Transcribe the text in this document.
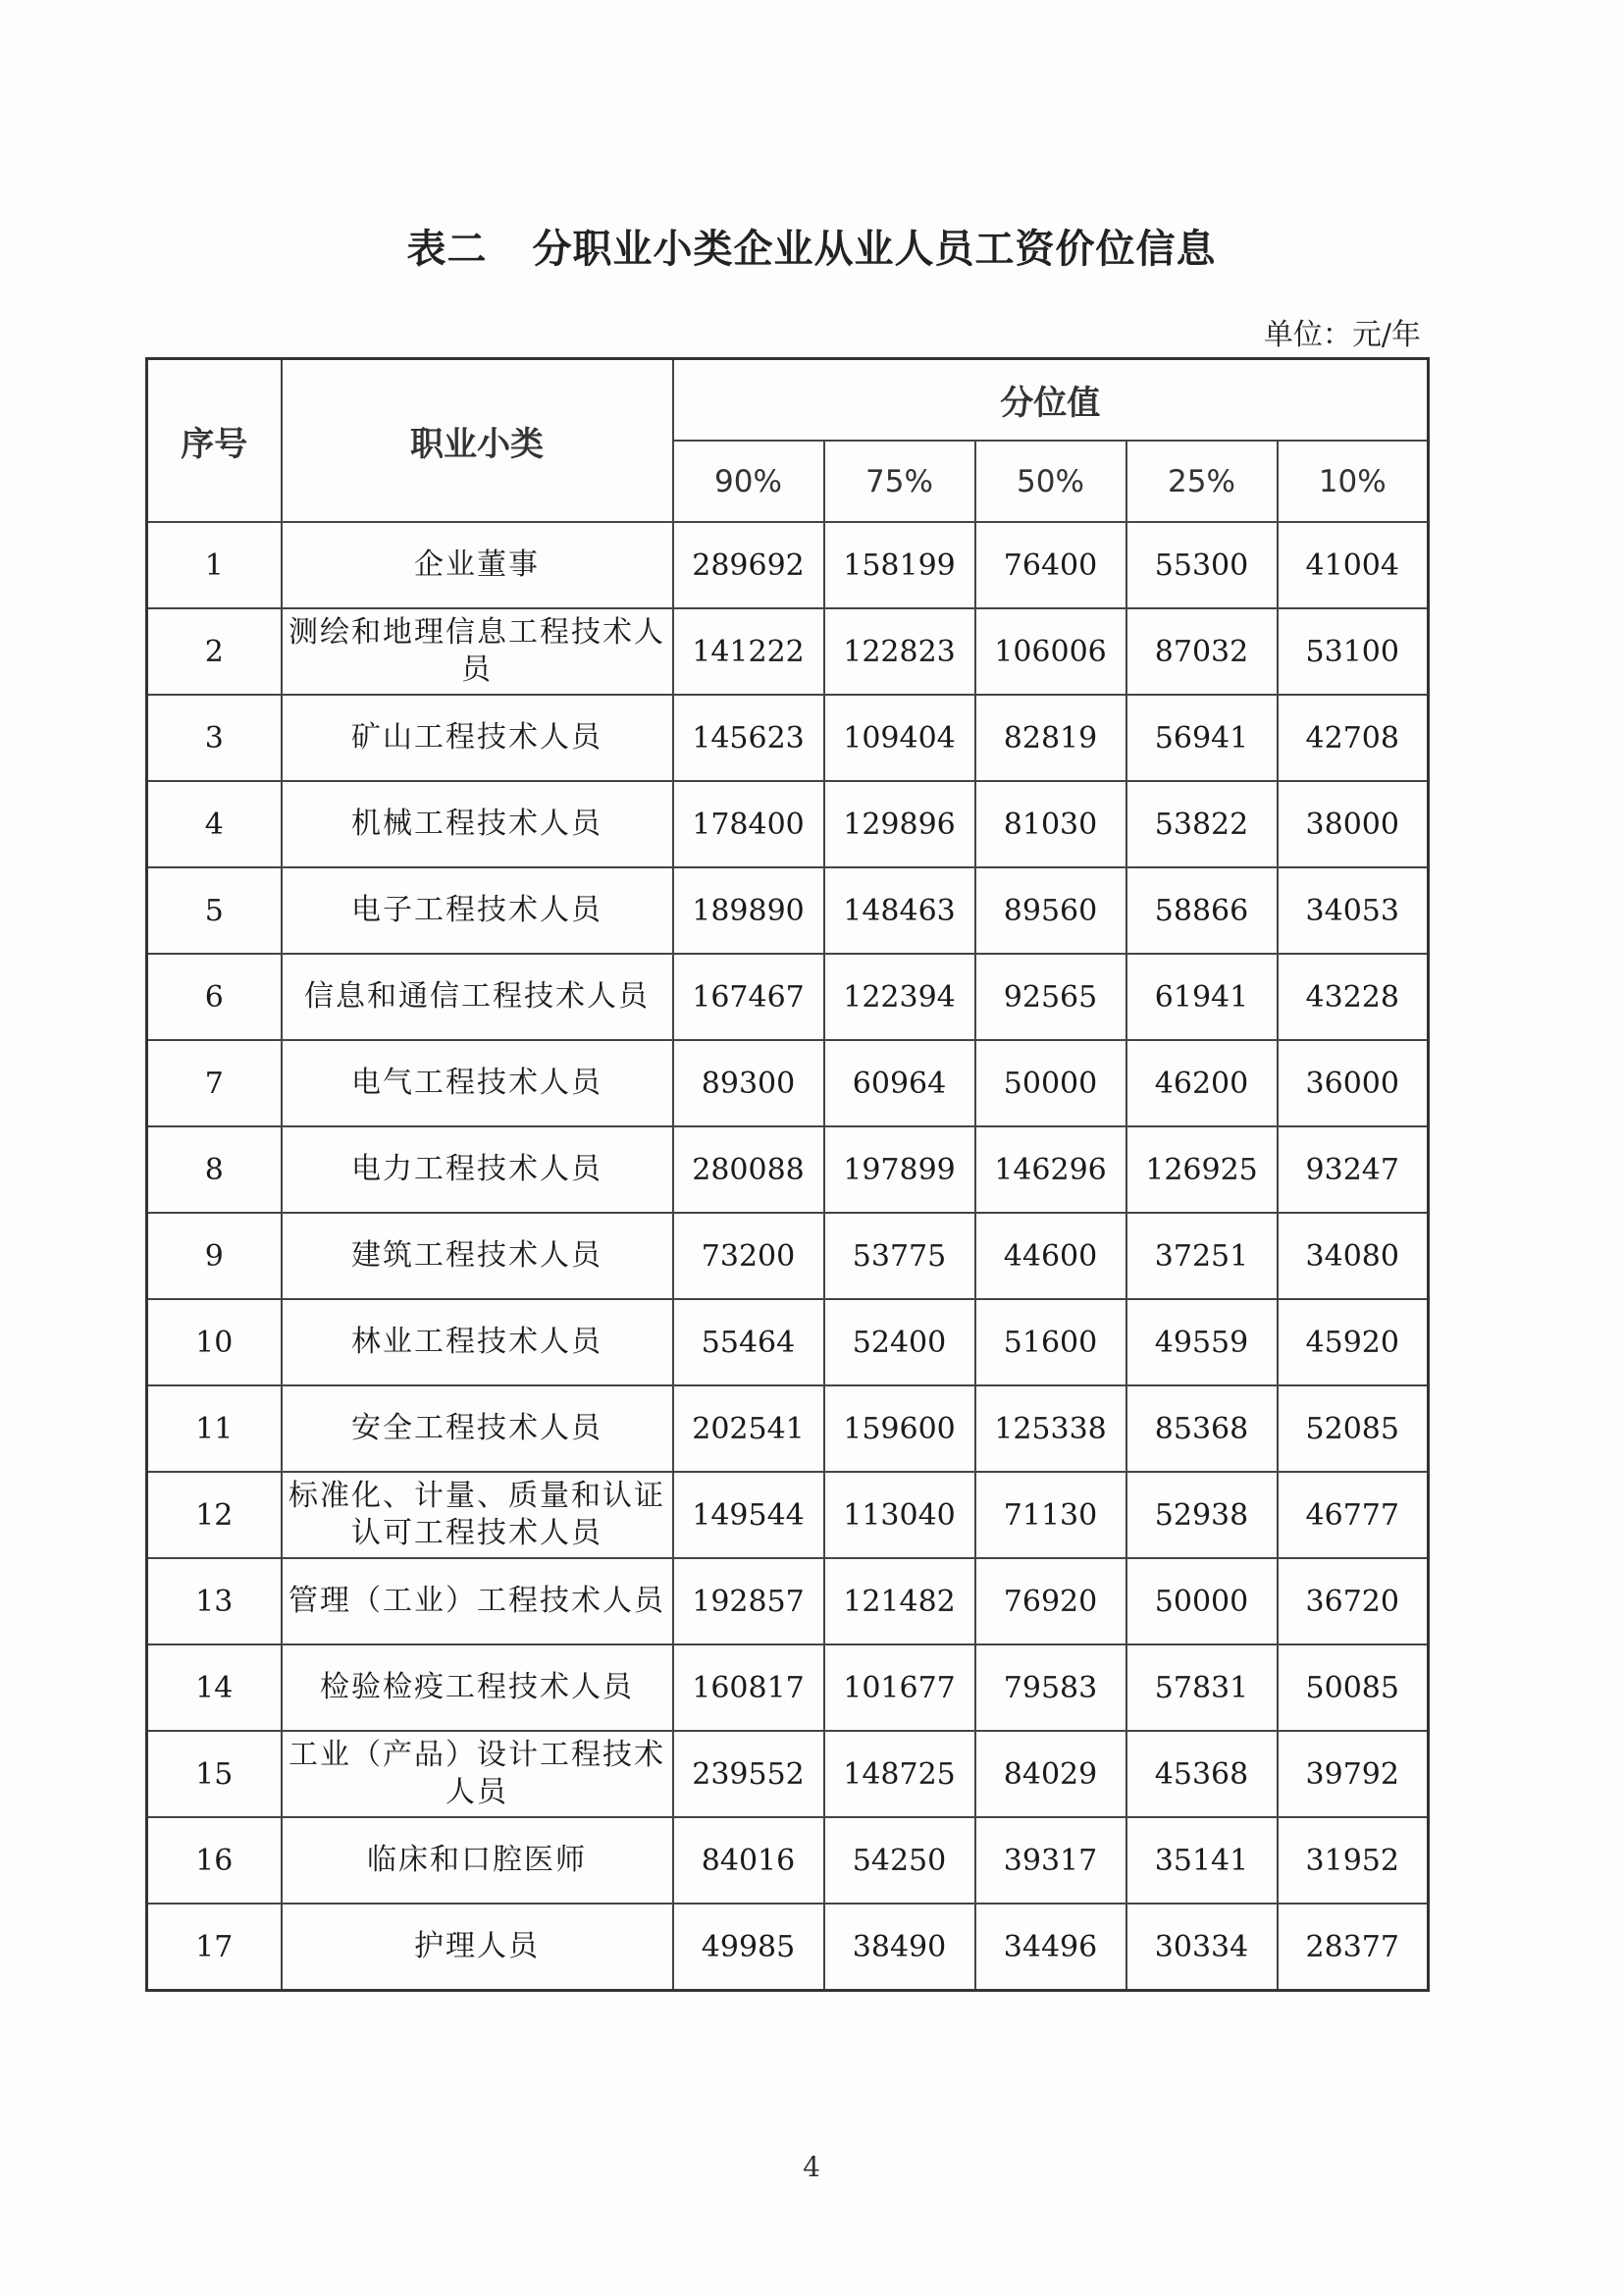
表二 分职业小类企业从业人员工资价位信息
单位：元/年
序号	职业小类	分位值				
		90%	75%	50%	25%	10%
1	企业董事	289692	158199	76400	55300	41004
2	测绘和地理信息工程技术人员	141222	122823	106006	87032	53100
3	矿山工程技术人员	145623	109404	82819	56941	42708
4	机械工程技术人员	178400	129896	81030	53822	38000
5	电子工程技术人员	189890	148463	89560	58866	34053
6	信息和通信工程技术人员	167467	122394	92565	61941	43228
7	电气工程技术人员	89300	60964	50000	46200	36000
8	电力工程技术人员	280088	197899	146296	126925	93247
9	建筑工程技术人员	73200	53775	44600	37251	34080
10	林业工程技术人员	55464	52400	51600	49559	45920
11	安全工程技术人员	202541	159600	125338	85368	52085
12	标准化、计量、质量和认证认可工程技术人员	149544	113040	71130	52938	46777
13	管理（工业）工程技术人员	192857	121482	76920	50000	36720
14	检验检疫工程技术人员	160817	101677	79583	57831	50085
15	工业（产品）设计工程技术人员	239552	148725	84029	45368	39792
16	临床和口腔医师	84016	54250	39317	35141	31952
17	护理人员	49985	38490	34496	30334	28377
4
